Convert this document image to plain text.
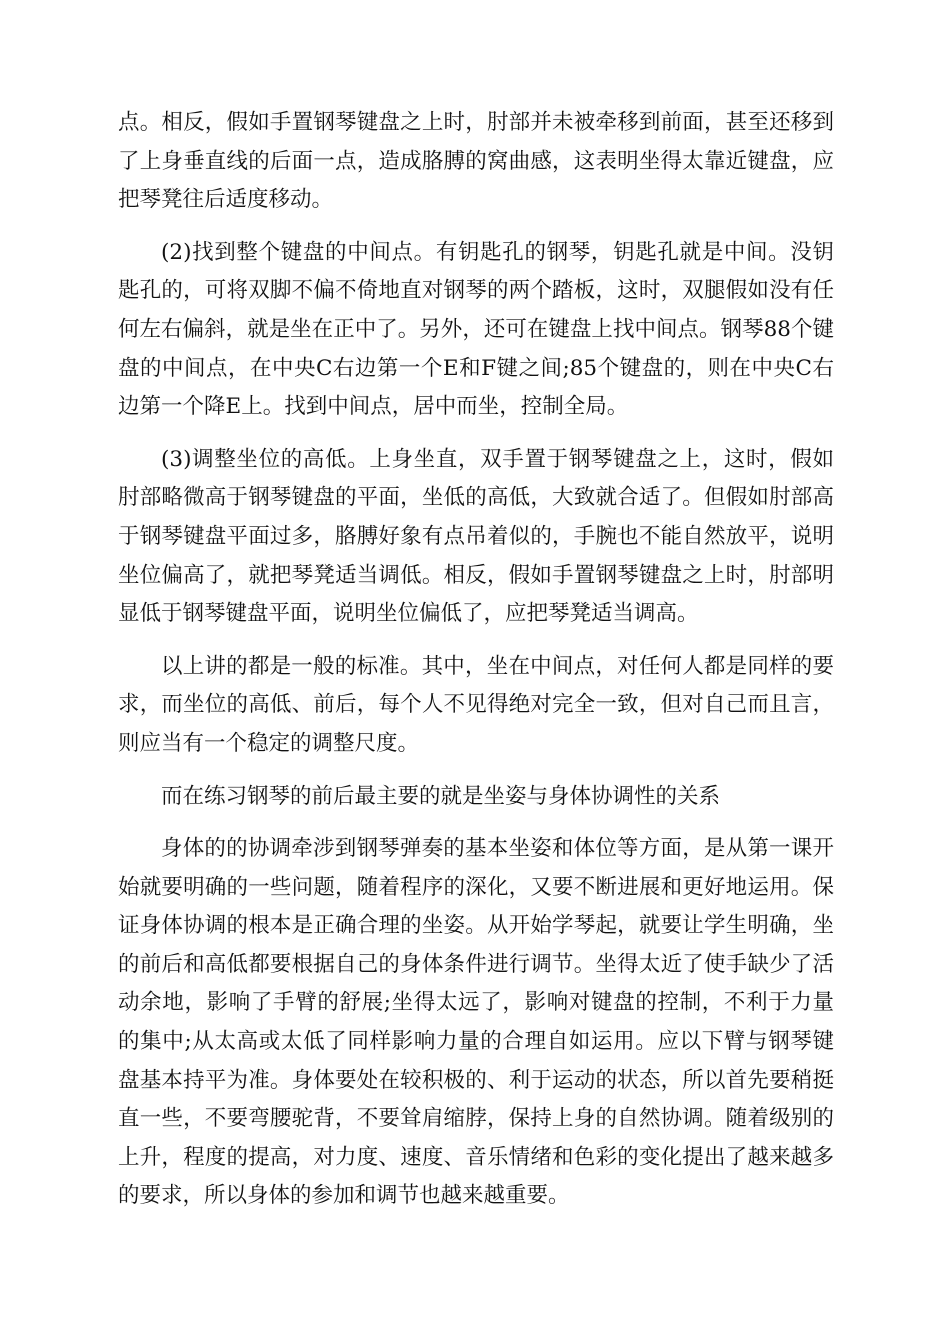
点。相反，假如手置钢琴键盘之上时，肘部并未被牵移到前面，甚至还移到了上身垂直线的后面一点，造成胳膊的窝曲感，这表明坐得太靠近键盘，应把琴凳往后适度移动。

(2)找到整个键盘的中间点。有钥匙孔的钢琴，钥匙孔就是中间。没钥匙孔的，可将双脚不偏不倚地直对钢琴的两个踏板，这时，双腿假如没有任何左右偏斜，就是坐在正中了。另外，还可在键盘上找中间点。钢琴88个键盘的中间点，在中央C右边第一个E和F键之间;85个键盘的，则在中央C右边第一个降E上。找到中间点，居中而坐，控制全局。

(3)调整坐位的高低。上身坐直，双手置于钢琴键盘之上，这时，假如肘部略微高于钢琴键盘的平面，坐低的高低，大致就合适了。但假如肘部高于钢琴键盘平面过多，胳膊好象有点吊着似的，手腕也不能自然放平，说明坐位偏高了，就把琴凳适当调低。相反，假如手置钢琴键盘之上时，肘部明显低于钢琴键盘平面，说明坐位偏低了，应把琴凳适当调高。

以上讲的都是一般的标准。其中，坐在中间点，对任何人都是同样的要求，而坐位的高低、前后，每个人不见得绝对完全一致，但对自己而且言，则应当有一个稳定的调整尺度。

而在练习钢琴的前后最主要的就是坐姿与身体协调性的关系

身体的的协调牵涉到钢琴弹奏的基本坐姿和体位等方面，是从第一课开始就要明确的一些问题，随着程序的深化，又要不断进展和更好地运用。保证身体协调的根本是正确合理的坐姿。从开始学琴起，就要让学生明确，坐的前后和高低都要根据自己的身体条件进行调节。坐得太近了使手缺少了活动余地，影响了手臂的舒展;坐得太远了，影响对键盘的控制，不利于力量的集中;从太高或太低了同样影响力量的合理自如运用。应以下臂与钢琴键盘基本持平为准。身体要处在较积极的、利于运动的状态，所以首先要稍挺直一些，不要弯腰驼背，不要耸肩缩脖，保持上身的自然协调。随着级别的上升，程度的提高，对力度、速度、音乐情绪和色彩的变化提出了越来越多的要求，所以身体的参加和调节也越来越重要。
